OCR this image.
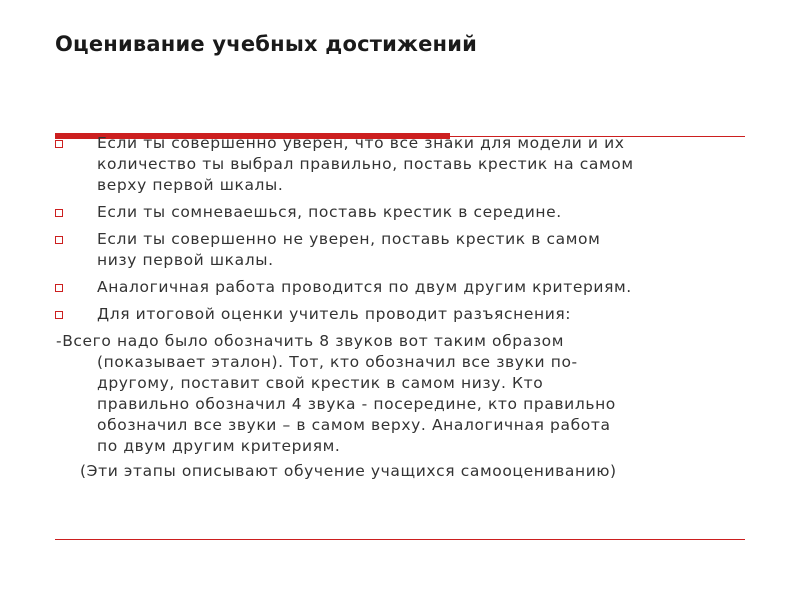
Оценивание учебных достижений
Если ты совершенно уверен, что все знаки для модели и их
количество ты выбрал правильно, поставь крестик на самом
верху первой шкалы.
Если ты сомневаешься, поставь крестик в середине.
Если ты совершенно не уверен, поставь крестик в самом
низу первой шкалы.
Аналогичная работа проводится по двум другим критериям.
Для итоговой оценки учитель проводит разъяснения:
-Всего надо было обозначить 8 звуков вот таким образом
(показывает эталон). Тот, кто обозначил все звуки по-
другому, поставит свой крестик в самом низу. Кто
правильно обозначил 4 звука - посередине, кто правильно
обозначил все звуки – в самом верху. Аналогичная работа
по двум другим критериям.
(Эти этапы описывают обучение учащихся самооцениванию)
